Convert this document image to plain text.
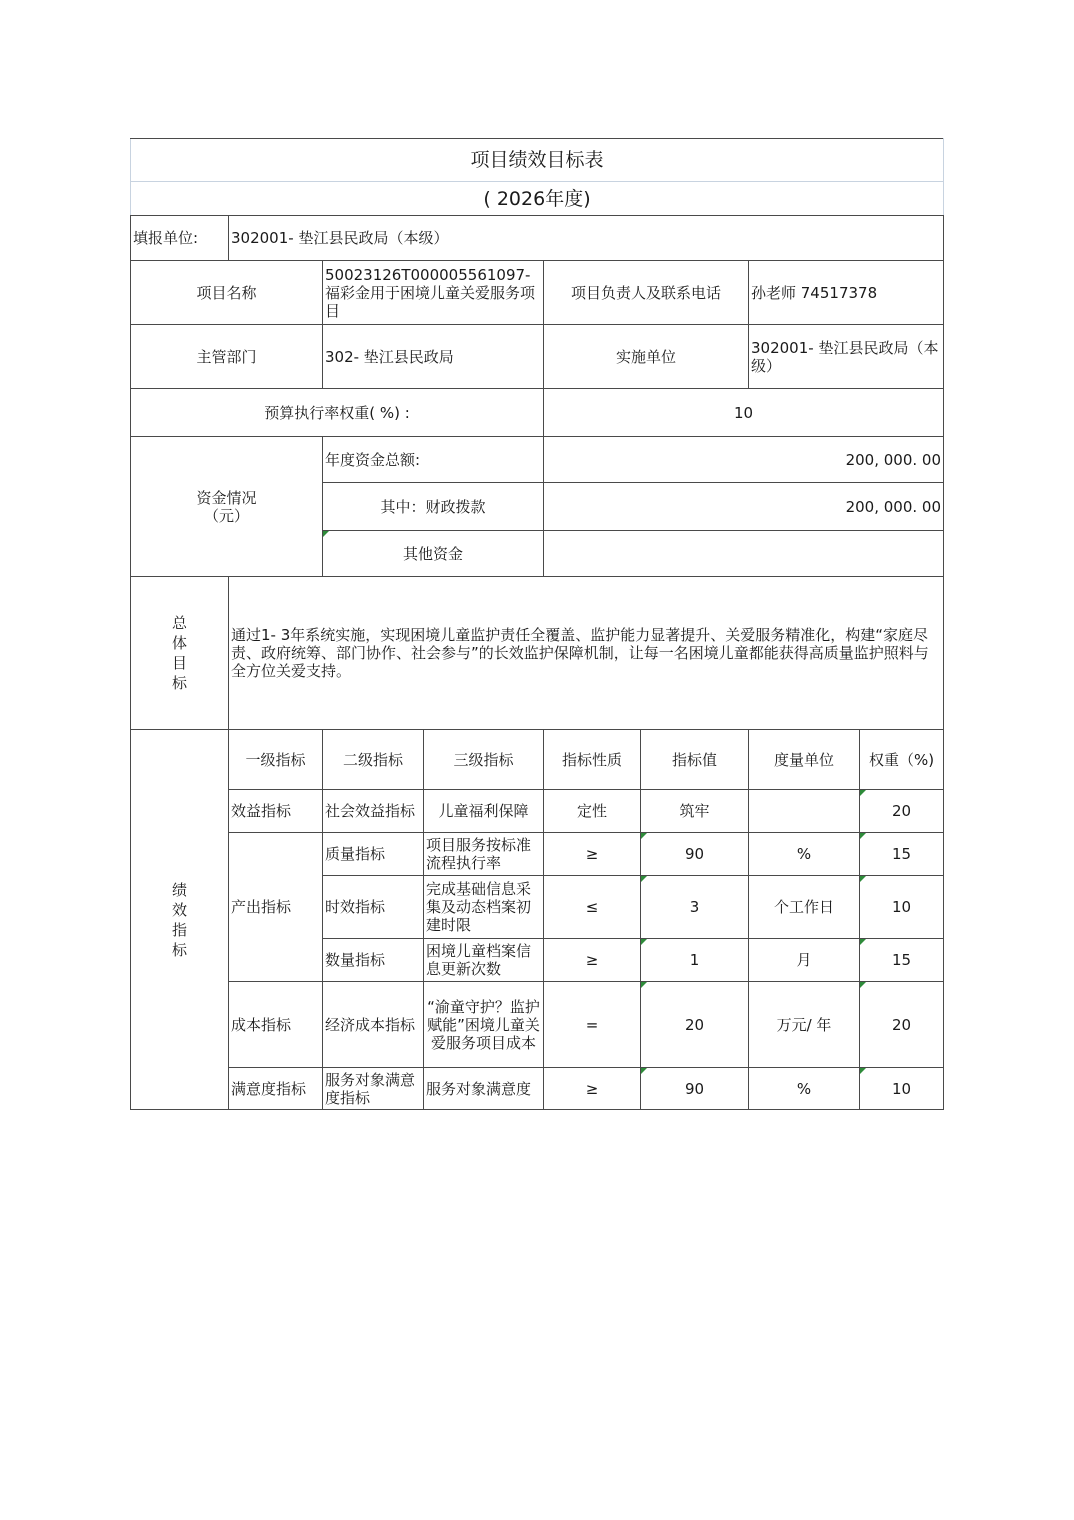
项目绩效目标表							
( 2026年度)							
填报单位:	302001- 垫江县民政局（本级）						
项目名称		50023126T000005561097- 福彩金用于困境儿童关爱服务项目		项目负责人及联系电话		孙老师 74517378	
主管部门		302- 垫江县民政局		实施单位		302001- 垫江县民政局（本级）	
预算执行率权重( %) :				10			
资金情况（元）		年度资金总额:		200, 000. 00			
		其中：财政拨款		200, 000. 00			
		其他资金					

总体目标	通过1- 3年系统实施，实现困境儿童监护责任全覆盖、监护能力显著提升、关爱服务精准化，构建“家庭尽责、政府统筹、部门协作、社会参与”的长效监护保障机制，让每一名困境儿童都能获得高质量监护照料与全方位关爱支持。						

绩效指标	一级指标	二级指标	三级指标	指标性质	指标值	度量单位	权重（%)
	效益指标	社会效益指标	儿童福利保障	定性	筑牢		20
	产出指标	质量指标	项目服务按标准流程执行率	≥	90	%	15
		时效指标	完成基础信息采集及动态档案初建时限	≤	3	个工作日	10
		数量指标	困境儿童档案信息更新次数	≥	1	月	15
	成本指标	经济成本指标	“渝童守护？监护赋能”困境儿童关爱服务项目成本	=	20	万元/ 年	20
	满意度指标	服务对象满意度指标	服务对象满意度	≥	90	%	10
